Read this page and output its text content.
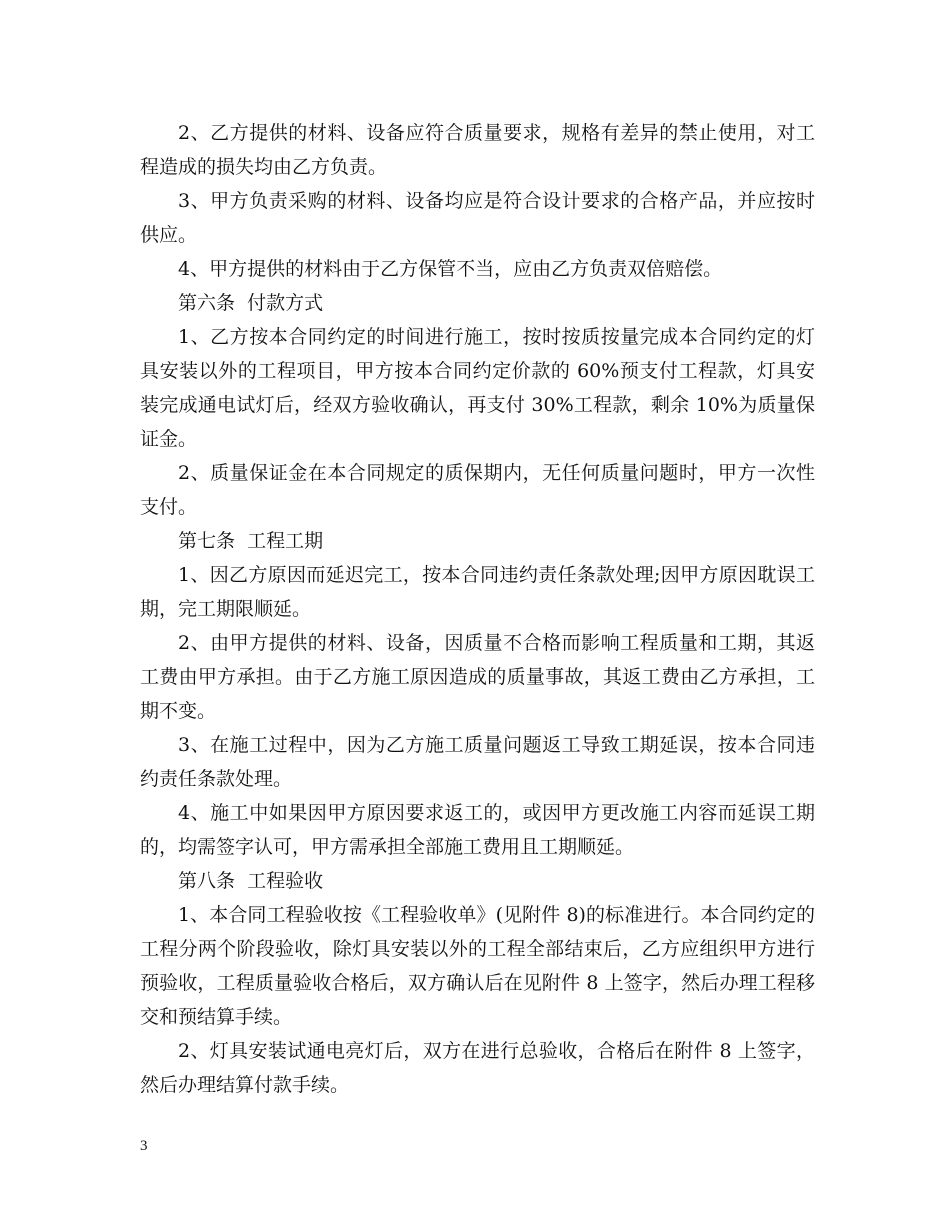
2、乙方提供的材料、设备应符合质量要求，规格有差异的禁止使用，对工程造成的损失均由乙方负责。

3、甲方负责采购的材料、设备均应是符合设计要求的合格产品，并应按时供应。

4、甲方提供的材料由于乙方保管不当，应由乙方负责双倍赔偿。

第六条  付款方式

1、乙方按本合同约定的时间进行施工，按时按质按量完成本合同约定的灯具安装以外的工程项目，甲方按本合同约定价款的 60%预支付工程款，灯具安装完成通电试灯后，经双方验收确认，再支付 30%工程款，剩余 10%为质量保证金。

2、质量保证金在本合同规定的质保期内，无任何质量问题时，甲方一次性支付。

第七条  工程工期

1、因乙方原因而延迟完工，按本合同违约责任条款处理;因甲方原因耽误工期，完工期限顺延。

2、由甲方提供的材料、设备，因质量不合格而影响工程质量和工期，其返工费由甲方承担。由于乙方施工原因造成的质量事故，其返工费由乙方承担，工期不变。

3、在施工过程中，因为乙方施工质量问题返工导致工期延误，按本合同违约责任条款处理。

4、施工中如果因甲方原因要求返工的，或因甲方更改施工内容而延误工期的，均需签字认可，甲方需承担全部施工费用且工期顺延。

第八条  工程验收

1、本合同工程验收按《工程验收单》(见附件 8)的标准进行。本合同约定的工程分两个阶段验收，除灯具安装以外的工程全部结束后，乙方应组织甲方进行预验收，工程质量验收合格后，双方确认后在见附件 8 上签字，然后办理工程移交和预结算手续。

2、灯具安装试通电亮灯后，双方在进行总验收，合格后在附件 8 上签字，然后办理结算付款手续。

3
